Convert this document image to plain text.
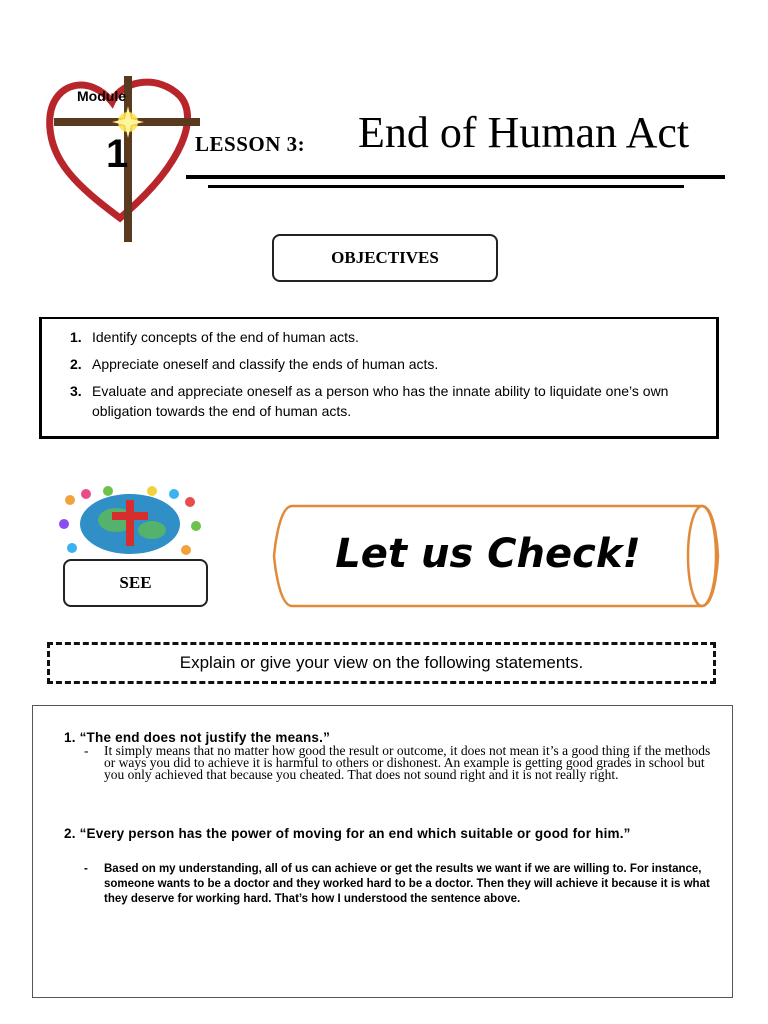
Module
1	LESSON 3: End of Human Act
OBJECTIVES
1. Identify concepts of the end of human acts.
2. Appreciate oneself and classify the ends of human acts.
3. Evaluate and appreciate oneself as a person who has the innate ability to liquidate one’s own obligation towards the end of human acts.
SEE
Let us Check!
Explain or give your view on the following statements.
1. “The end does not justify the means.”
-	It simply means that no matter how good the result or outcome, it does not mean it’s a good thing if the methods or ways you did to achieve it is harmful to others or dishonest. An example is getting good grades in school but you only achieved that because you cheated. That does not sound right and it is not really right.
2. “Every person has the power of moving for an end which suitable or good for him.”
-	Based on my understanding, all of us can achieve or get the results we want if we are willing to. For instance, someone wants to be a doctor and they worked hard to be a doctor. Then they will achieve it because it is what they deserve for working hard. That’s how I understood the sentence above.
